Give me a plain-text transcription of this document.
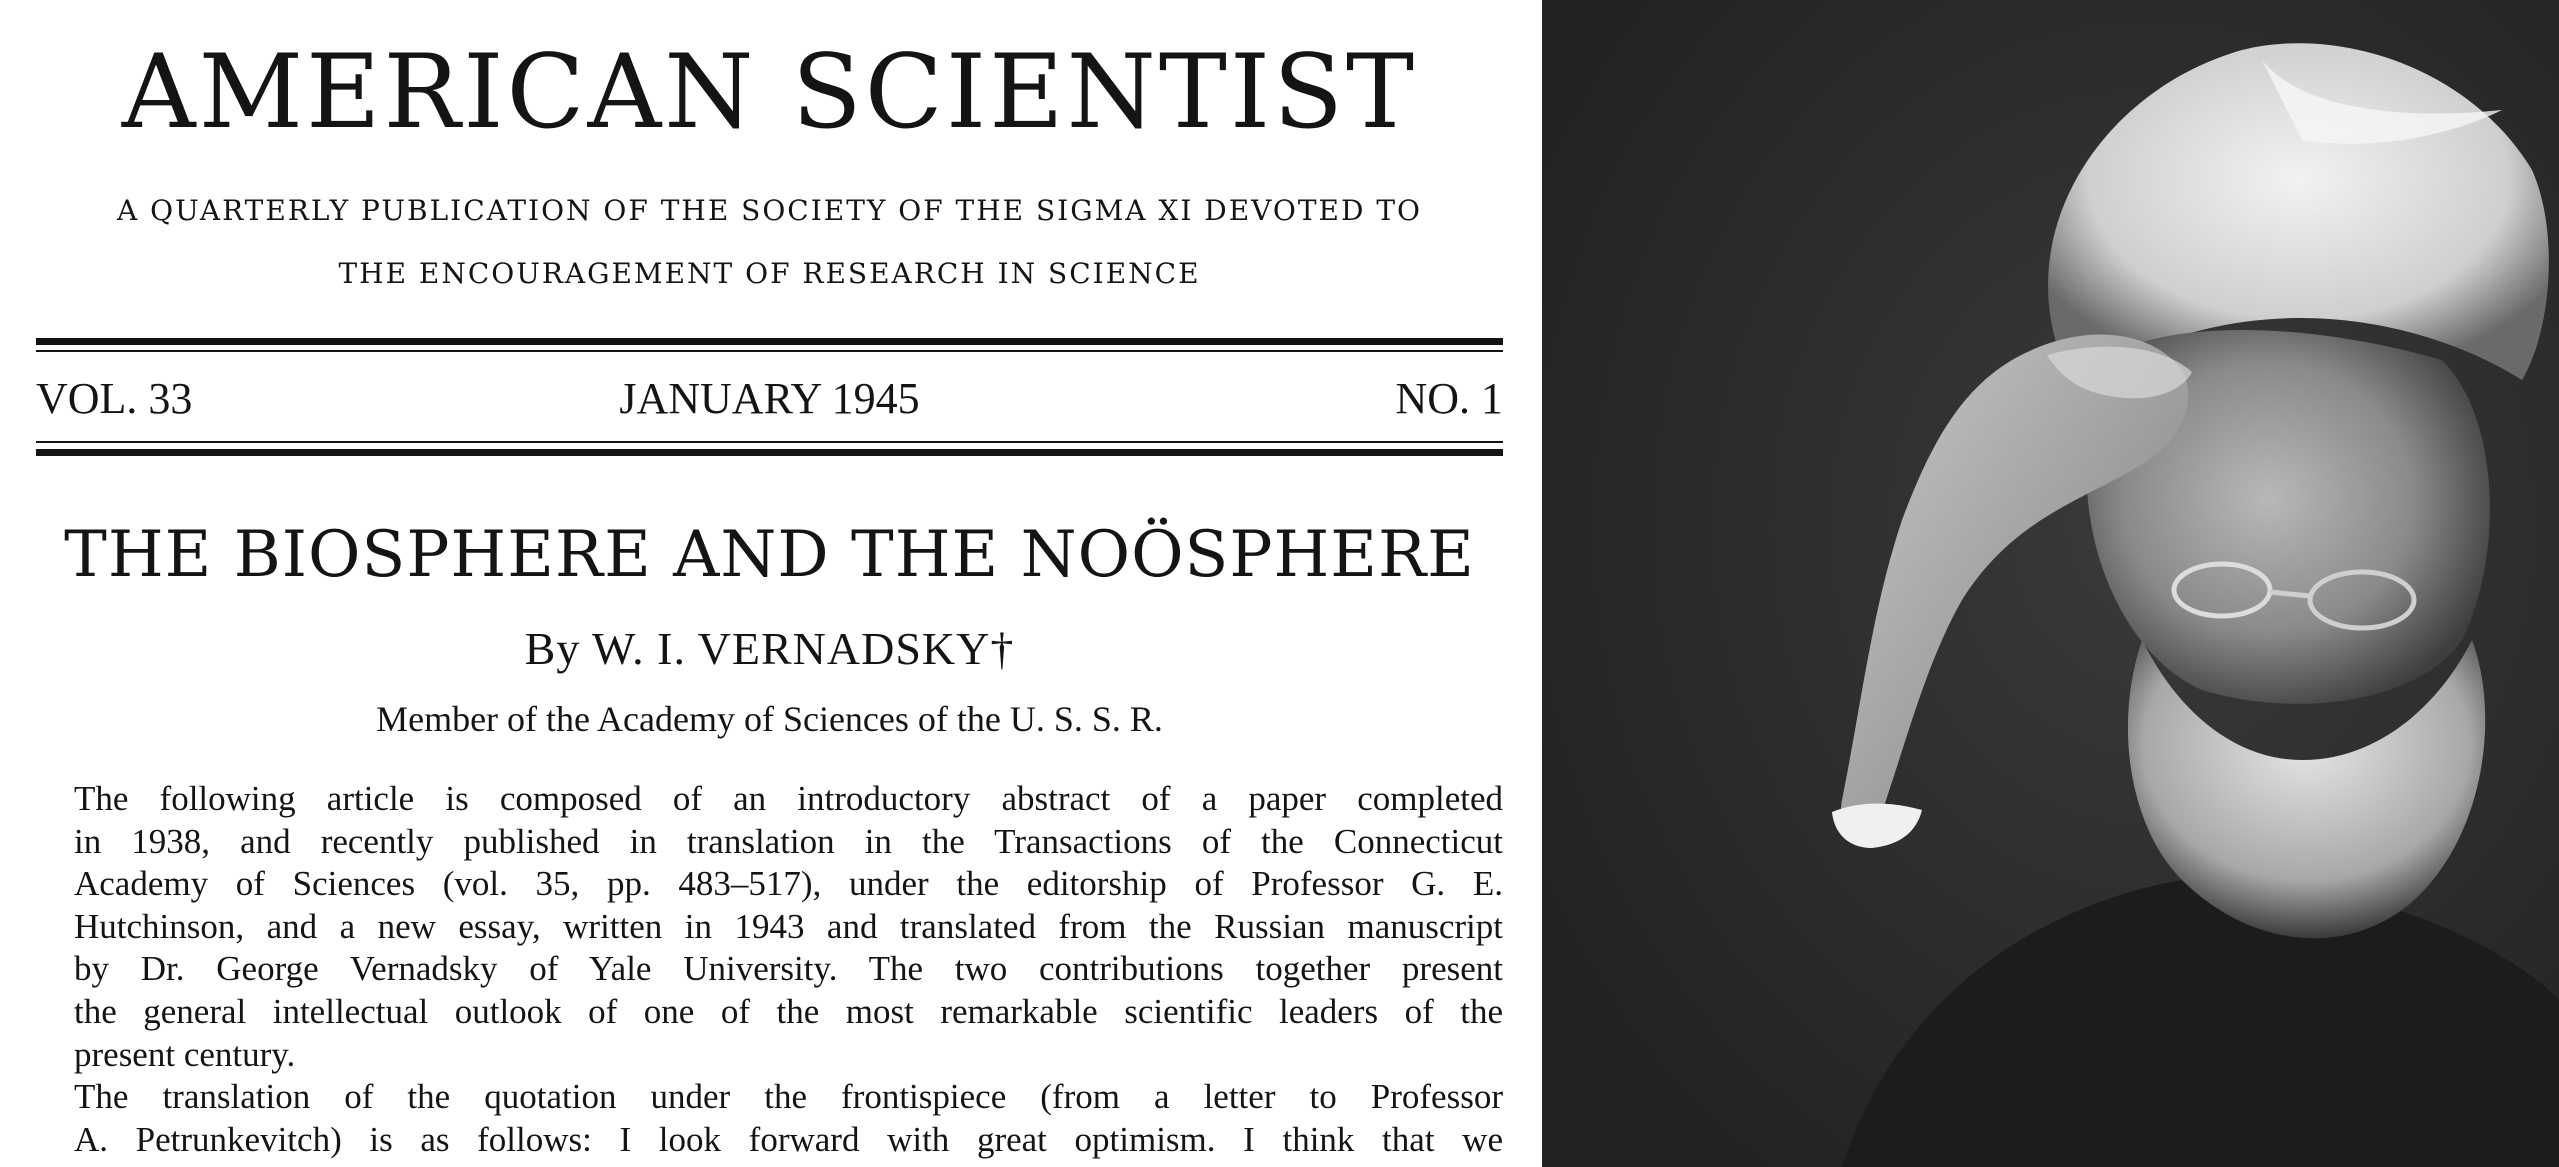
AMERICAN SCIENTIST
A QUARTERLY PUBLICATION OF THE SOCIETY OF THE SIGMA XI DEVOTED TO
THE ENCOURAGEMENT OF RESEARCH IN SCIENCE
VOL. 33	JANUARY 1945	NO. 1
THE BIOSPHERE AND THE NOÖSPHERE
By W. I. VERNADSKY†
Member of the Academy of Sciences of the U. S. S. R.

The following article is composed of an introductory abstract of a paper completed
in 1938, and recently published in translation in the Transactions of the Connecticut
Academy of Sciences (vol. 35, pp. 483–517), under the editorship of Professor G. E.
Hutchinson, and a new essay, written in 1943 and translated from the Russian manuscript
by Dr. George Vernadsky of Yale University. The two contributions together present
the general intellectual outlook of one of the most remarkable scientific leaders of the
present century.

The translation of the quotation under the frontispiece (from a letter to Professor
A. Petrunkevitch) is as follows: I look forward with great optimism. I think that we
